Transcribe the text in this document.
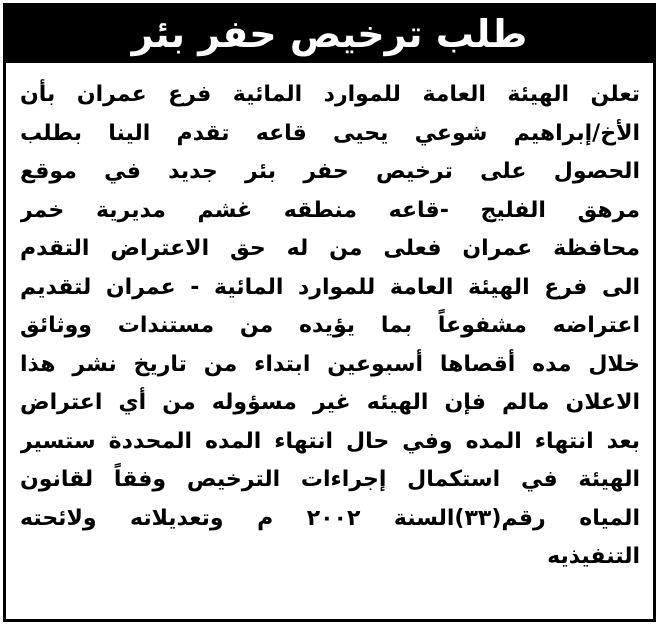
طلب ترخيص حفر بئر
تعلن الهيئة العامة للموارد المائية فرع عمران بأن
الأخ/إبراهيم شوعي يحيى قاعه تقدم الينا بطلب
الحصول على ترخيص حفر بئر جديد في موقع
مرهق الفليج -قاعه منطقه غشم مديرية خمر
محافظة عمران فعلى من له حق الاعتراض التقدم
الى فرع الهيئة العامة للموارد المائية - عمران لتقديم
اعتراضه مشفوعاً بما يؤيده من مستندات ووثائق
خلال مده أقصاها أسبوعين ابتداء من تاريخ نشر هذا
الاعلان مالم فإن الهيئه غير مسؤوله من أي اعتراض
بعد انتهاء المده وفي حال انتهاء المده المحددة ستسير
الهيئة في استكمال إجراءات الترخيص وفقاً لقانون
المياه رقم(٣٣)السنة ٢٠٠٢ م وتعديلاته ولائحته
التنفيذيه
